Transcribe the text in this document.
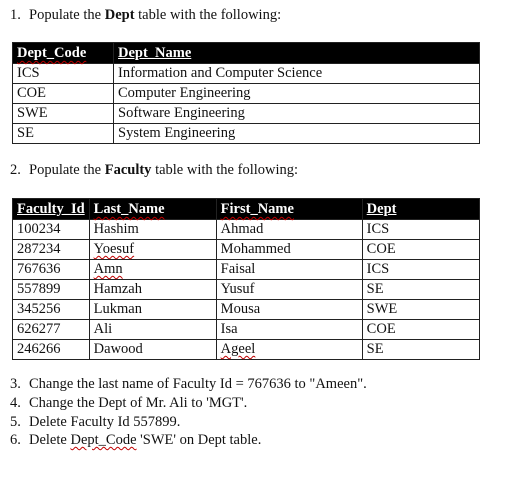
1. Populate the Dept table with the following:
Dept_Code	Dept_Name
ICS	Information and Computer Science
COE	Computer Engineering
SWE	Software Engineering
SE	System Engineering
2. Populate the Faculty table with the following:
Faculty_Id	Last_Name	First_Name	Dept
100234	Hashim	Ahmad	ICS
287234	Yoesuf	Mohammed	COE
767636	Amn	Faisal	ICS
557899	Hamzah	Yusuf	SE
345256	Lukman	Mousa	SWE
626277	Ali	Isa	COE
246266	Dawood	Ageel	SE
3. Change the last name of Faculty Id = 767636 to "Ameen".
4. Change the Dept of Mr. Ali to 'MGT'.
5. Delete Faculty Id 557899.
6. Delete Dept_Code 'SWE' on Dept table.
